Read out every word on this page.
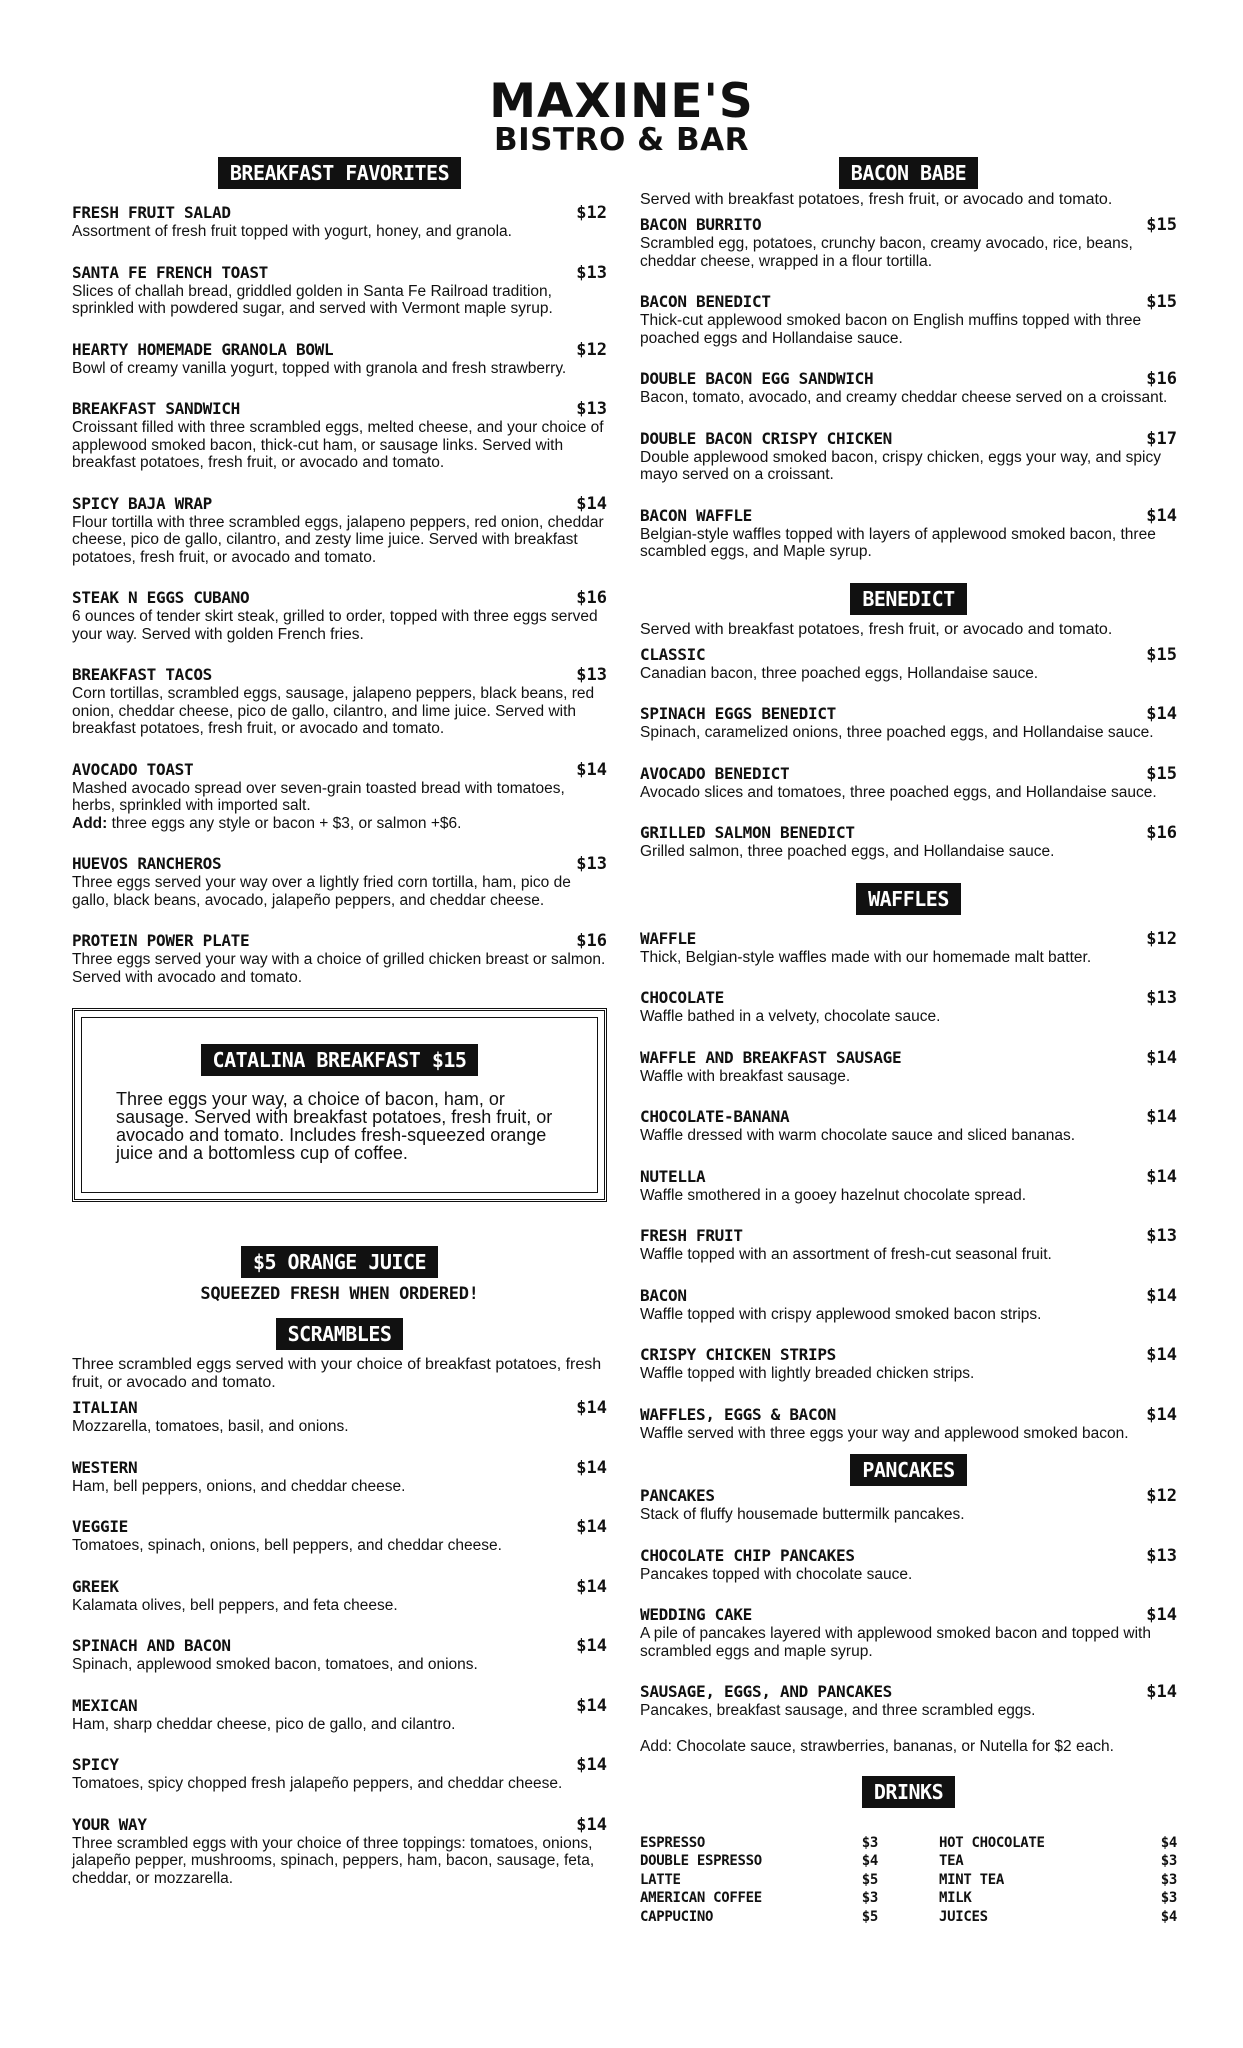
MAXINE'S
BISTRO & BAR
BREAKFAST FAVORITES
FRESH FRUIT SALAD	$12
Assortment of fresh fruit topped with yogurt, honey, and granola.
SANTA FE FRENCH TOAST	$13
Slices of challah bread, griddled golden in Santa Fe Railroad tradition, sprinkled with powdered sugar, and served with Vermont maple syrup.
HEARTY HOMEMADE GRANOLA BOWL	$12
Bowl of creamy vanilla yogurt, topped with granola and fresh strawberry.
BREAKFAST SANDWICH	$13
Croissant filled with three scrambled eggs, melted cheese, and your choice of applewood smoked bacon, thick-cut ham, or sausage links. Served with breakfast potatoes, fresh fruit, or avocado and tomato.
SPICY BAJA WRAP	$14
Flour tortilla with three scrambled eggs, jalapeno peppers, red onion, cheddar cheese, pico de gallo, cilantro, and zesty lime juice. Served with breakfast potatoes, fresh fruit, or avocado and tomato.
STEAK N EGGS CUBANO	$16
6 ounces of tender skirt steak, grilled to order, topped with three eggs served your way. Served with golden French fries.
BREAKFAST TACOS	$13
Corn tortillas, scrambled eggs, sausage, jalapeno peppers, black beans, red onion, cheddar cheese, pico de gallo, cilantro, and lime juice. Served with breakfast potatoes, fresh fruit, or avocado and tomato.
AVOCADO TOAST	$14
Mashed avocado spread over seven-grain toasted bread with tomatoes, herbs, sprinkled with imported salt.
Add: three eggs any style or bacon + $3, or salmon +$6.
HUEVOS RANCHEROS	$13
Three eggs served your way over a lightly fried corn tortilla, ham, pico de gallo, black beans, avocado, jalapeño peppers, and cheddar cheese.
PROTEIN POWER PLATE	$16
Three eggs served your way with a choice of grilled chicken breast or salmon. Served with avocado and tomato.
CATALINA BREAKFAST $15
Three eggs your way, a choice of bacon, ham, or sausage. Served with breakfast potatoes, fresh fruit, or avocado and tomato. Includes fresh-squeezed orange juice and a bottomless cup of coffee.
$5 ORANGE JUICE
SQUEEZED FRESH WHEN ORDERED!
SCRAMBLES
Three scrambled eggs served with your choice of breakfast potatoes, fresh fruit, or avocado and tomato.
ITALIAN	$14
Mozzarella, tomatoes, basil, and onions.
WESTERN	$14
Ham, bell peppers, onions, and cheddar cheese.
VEGGIE	$14
Tomatoes, spinach, onions, bell peppers, and cheddar cheese.
GREEK	$14
Kalamata olives, bell peppers, and feta cheese.
SPINACH AND BACON	$14
Spinach, applewood smoked bacon, tomatoes, and onions.
MEXICAN	$14
Ham, sharp cheddar cheese, pico de gallo, and cilantro.
SPICY	$14
Tomatoes, spicy chopped fresh jalapeño peppers, and cheddar cheese.
YOUR WAY	$14
Three scrambled eggs with your choice of three toppings: tomatoes, onions, jalapeño pepper, mushrooms, spinach, peppers, ham, bacon, sausage, feta, cheddar, or mozzarella.
BACON BABE
Served with breakfast potatoes, fresh fruit, or avocado and tomato.
BACON BURRITO	$15
Scrambled egg, potatoes, crunchy bacon, creamy avocado, rice, beans, cheddar cheese, wrapped in a flour tortilla.
BACON BENEDICT	$15
Thick-cut applewood smoked bacon on English muffins topped with three poached eggs and Hollandaise sauce.
DOUBLE BACON EGG SANDWICH	$16
Bacon, tomato, avocado, and creamy cheddar cheese served on a croissant.
DOUBLE BACON CRISPY CHICKEN	$17
Double applewood smoked bacon, crispy chicken, eggs your way, and spicy mayo served on a croissant.
BACON WAFFLE	$14
Belgian-style waffles topped with layers of applewood smoked bacon, three scambled eggs, and Maple syrup.
BENEDICT
Served with breakfast potatoes, fresh fruit, or avocado and tomato.
CLASSIC	$15
Canadian bacon, three poached eggs, Hollandaise sauce.
SPINACH EGGS BENEDICT	$14
Spinach, caramelized onions, three poached eggs, and Hollandaise sauce.
AVOCADO BENEDICT	$15
Avocado slices and tomatoes, three poached eggs, and Hollandaise sauce.
GRILLED SALMON BENEDICT	$16
Grilled salmon, three poached eggs, and Hollandaise sauce.
WAFFLES
WAFFLE	$12
Thick, Belgian-style waffles made with our homemade malt batter.
CHOCOLATE	$13
Waffle bathed in a velvety, chocolate sauce.
WAFFLE AND BREAKFAST SAUSAGE	$14
Waffle with breakfast sausage.
CHOCOLATE-BANANA	$14
Waffle dressed with warm chocolate sauce and sliced bananas.
NUTELLA	$14
Waffle smothered in a gooey hazelnut chocolate spread.
FRESH FRUIT	$13
Waffle topped with an assortment of fresh-cut seasonal fruit.
BACON	$14
Waffle topped with crispy applewood smoked bacon strips.
CRISPY CHICKEN STRIPS	$14
Waffle topped with lightly breaded chicken strips.
WAFFLES, EGGS & BACON	$14
Waffle served with three eggs your way and applewood smoked bacon.
PANCAKES
PANCAKES	$12
Stack of fluffy housemade buttermilk pancakes.
CHOCOLATE CHIP PANCAKES	$13
Pancakes topped with chocolate sauce.
WEDDING CAKE	$14
A pile of pancakes layered with applewood smoked bacon and topped with scrambled eggs and maple syrup.
SAUSAGE, EGGS, AND PANCAKES	$14
Pancakes, breakfast sausage, and three scrambled eggs.
Add: Chocolate sauce, strawberries, bananas, or Nutella for $2 each.
DRINKS
ESPRESSO	$3
DOUBLE ESPRESSO	$4
LATTE	$5
AMERICAN COFFEE	$3
CAPPUCINO	$5
HOT CHOCOLATE	$4
TEA	$3
MINT TEA	$3
MILK	$3
JUICES	$4
